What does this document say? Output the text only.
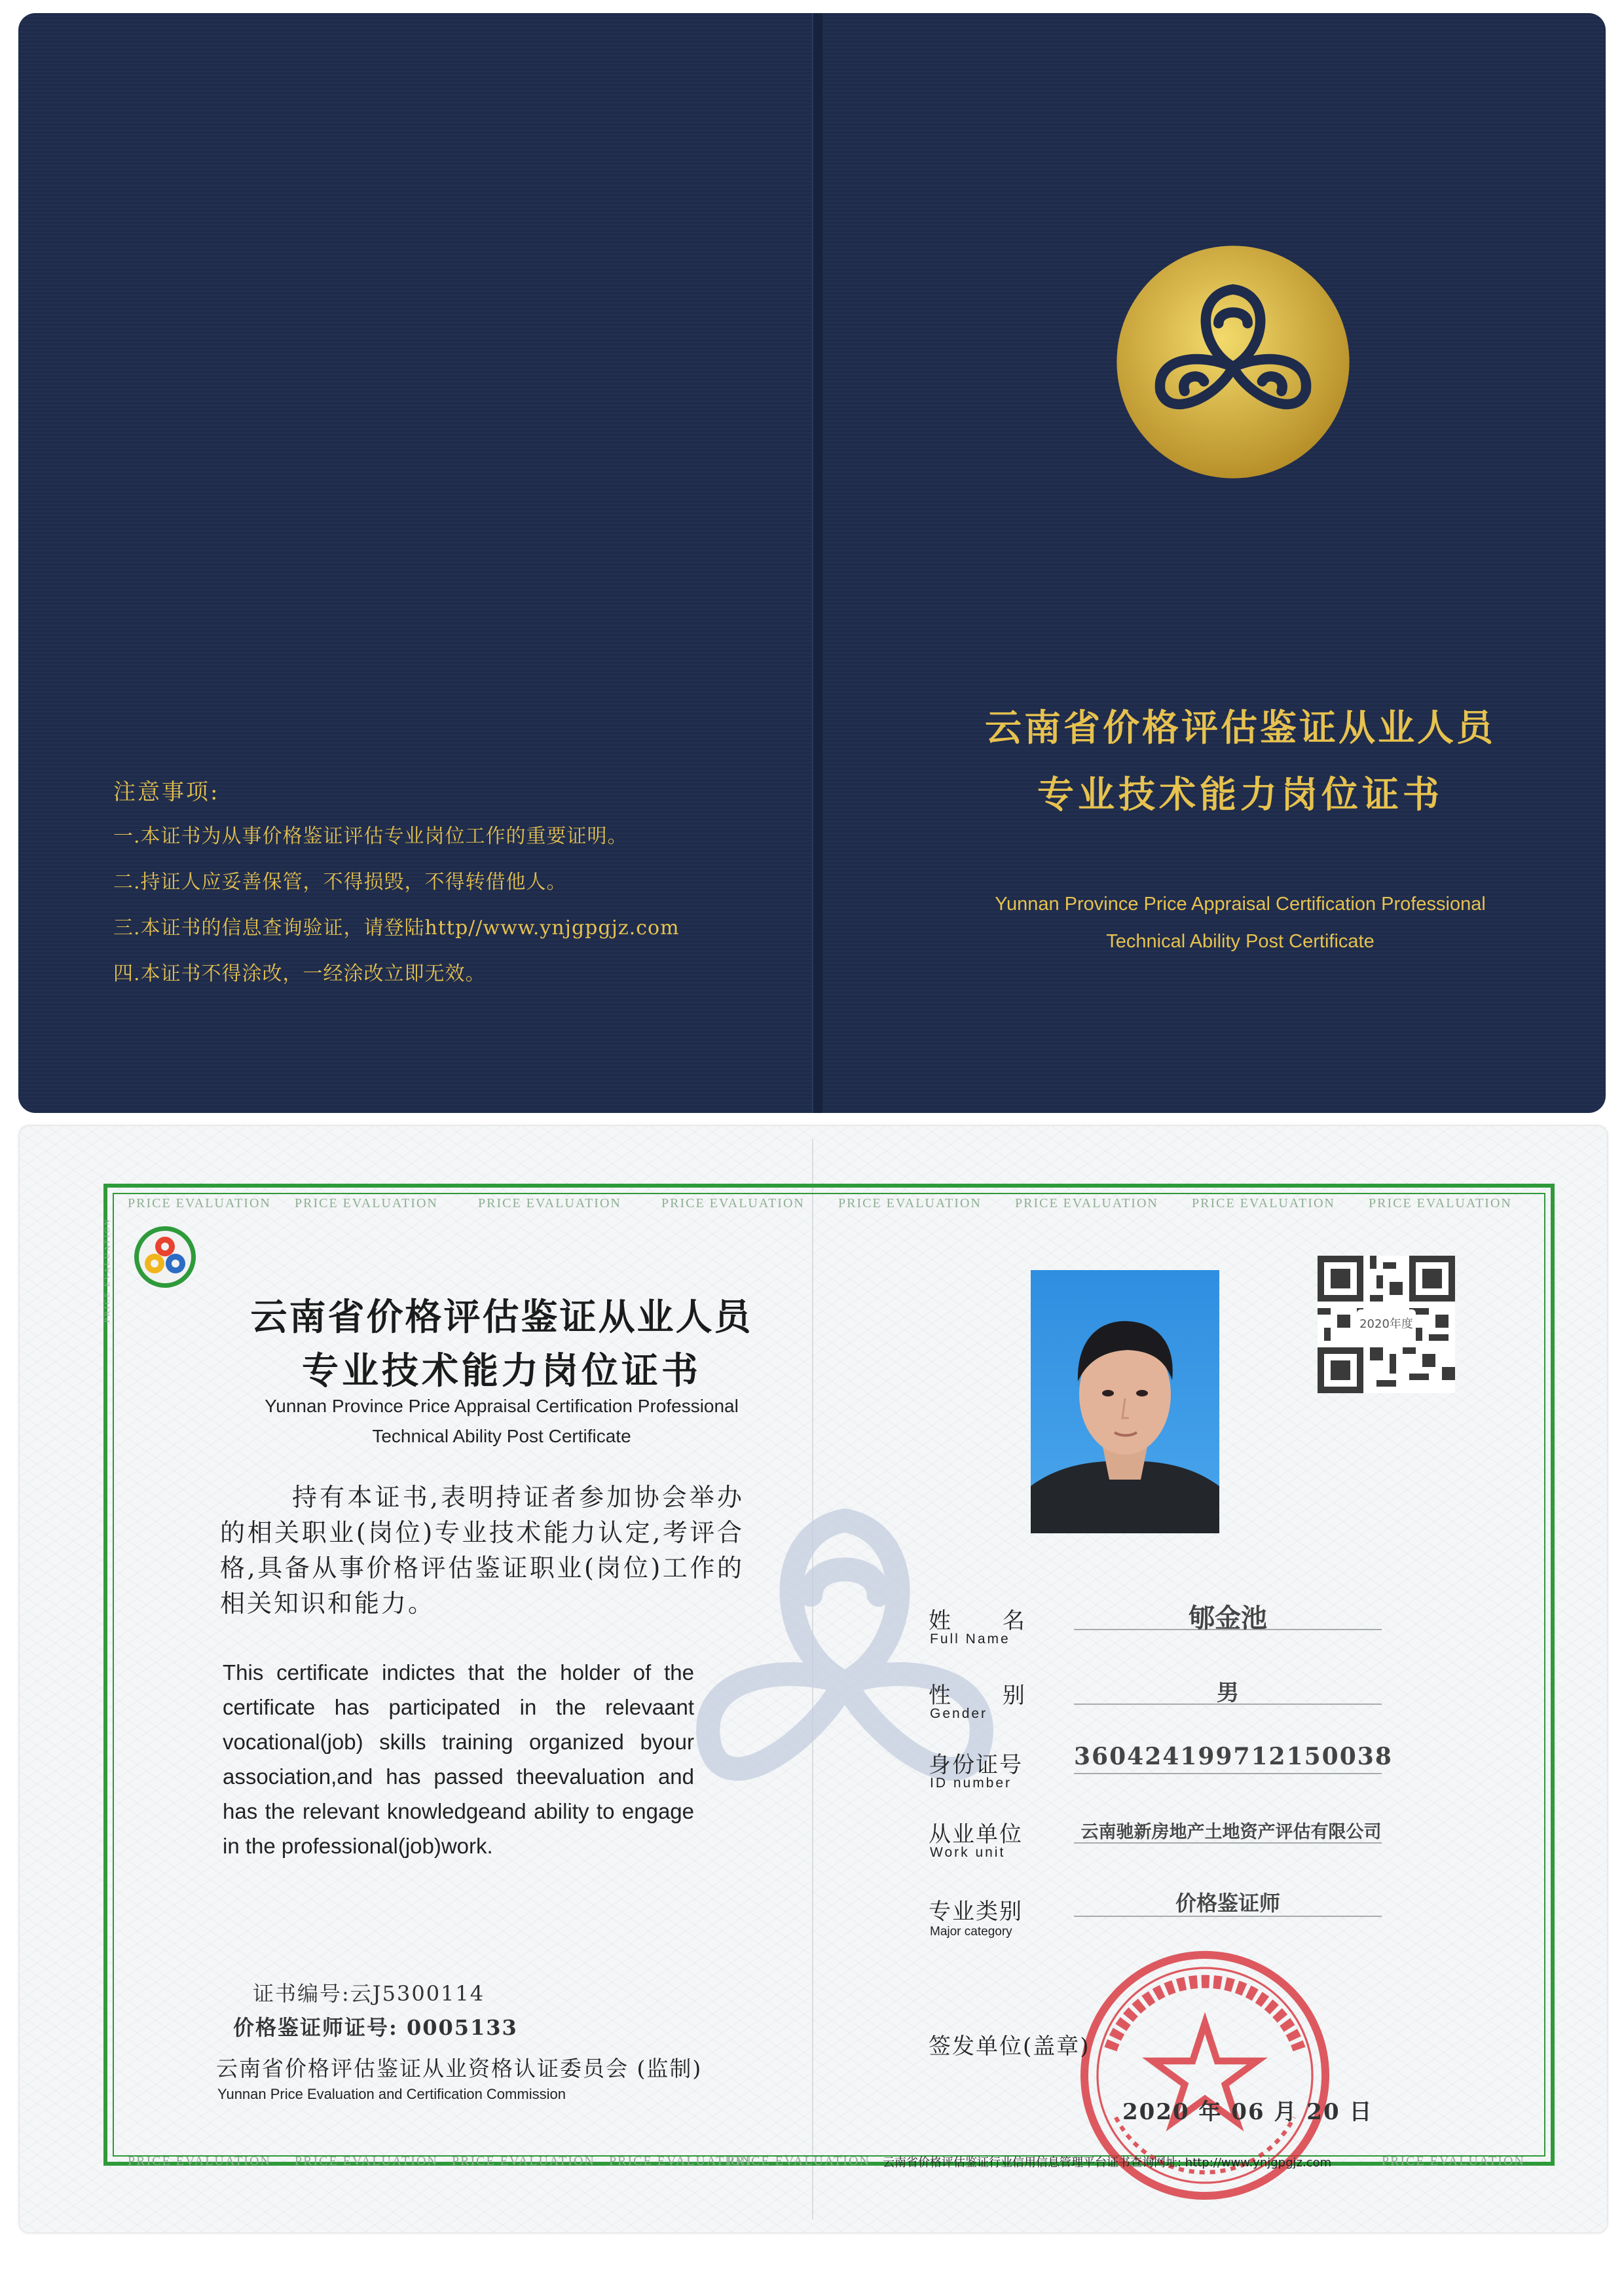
注意事项:
一.本证书为从事价格鉴证评估专业岗位工作的重要证明。
二.持证人应妥善保管，不得损毁，不得转借他人。
三.本证书的信息查询验证，请登陆http//www.ynjgpgjz.com
四.本证书不得涂改，一经涂改立即无效。
云南省价格评估鉴证从业人员
专业技术能力岗位证书
Yunnan Province Price Appraisal Certification Professional
Technical Ability Post Certificate
PRICE EVALUATION PRICE EVALUATION	PRICE EVALUATION	PRICE EVALUATION	PRICE EVALUATION	PRICE EVALUATION	PRICE EVALUATION	PRICE EVALUATION
PRICE EVALUATION PRICE EVALUATION PRICE EVALUATION PRICE EVALUATION
PRICE EVALUATION	PRICE EVALUATION
PRICE EVALUATION	云南省价格评估鉴证从业人员
专业技术能力岗位证书
Yunnan Province Price Appraisal Certification Professional
Technical Ability Post Certificate
持有本证书,表明持证者参加协会举办的相关职业(岗位)专业技术能力认定,考评合格,具备从事价格评估鉴证职业(岗位)工作的相关知识和能力。
This certificate indictes that the holder of the certificate has participated in the relevaant vocational(job) skills training organized byour association,and has passed theevaluation and has the relevant knowledgeand ability to engage in the professional(job)work.
证书编号:云J5300114
价格鉴证师证号: 0005133
云南省价格评估鉴证从业资格认证委员会 (监制)
Yunnan Price Evaluation and Certification Commission
2020年度
姓      名
Full Name
郇金池
性      别
Gender
男
身份证号
ID number
360424199712150038
从业单位
Work unit
云南驰新房地产土地资产评估有限公司
专业类别
Major category
价格鉴证师
签发单位(盖章)
2020 年 06 月 20 日
云南省价格评估鉴证行业信用信息管理平台证书查询网址: http://www.ynjgpgjz.com
